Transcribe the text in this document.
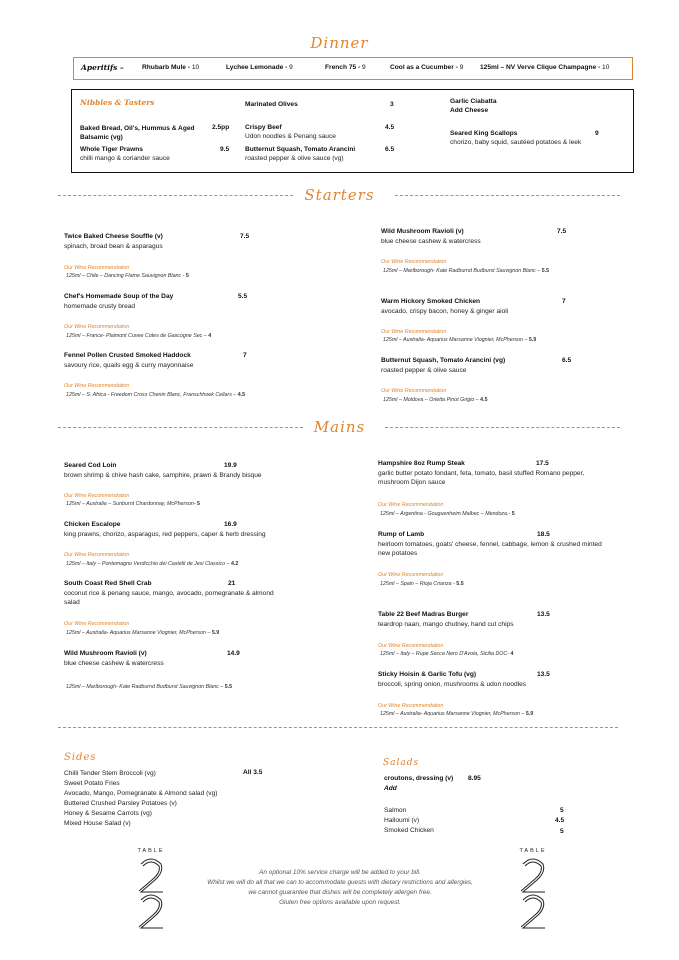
Dinner
Aperitifs –	Rhubarb Mule - 10	Lychee Lemonade - 9	French 75 - 9	Cool as a Cucumber - 9	125ml – NV Verve Clique Champagne - 10
Nibbles & Tasters
Baked Bread, Oil's, Hummus & Aged Balsamic (vg)
2.5pp
Whole Tiger Prawns
chilli mango & coriander sauce
9.5
Marinated Olives	3
Crispy Beef
Udon noodles & Penang sauce
4.5
Butternut Squash, Tomato Arancini
roasted pepper & olive sauce (vg)
6.5
Garlic Ciabatta
Add Cheese
Seared King Scallops
chorizo, baby squid, sautéed potatoes & leek
9
Starters
Twice Baked Cheese Souffle (v)	7.5
spinach, broad bean & asparagus
Our Wine Recommendation
125ml – Chile – Dancing Flame Sauvignon Blanc - 5
Chef's Homemade Soup of the Day	5.5
homemade crusty bread
Our Wine Recommendation
125ml – France- Plaimont Cuvee Cotes de Gascogne Sec – 4
Fennel Pollen Crusted Smoked Haddock	7
savoury rice, quails egg & curry mayonnaise
Our Wine Recommendation
125ml – S. Africa - Freedom Cross Chenin Blanc, Franschhoek Cellars – 4.5
Wild Mushroom Ravioli (v)	7.5
blue cheese cashew & watercress
Our Wine Recommendation
125ml – Marlborough- Kate Radburnd Budburst Sauvignon Blanc – 5.5
Warm Hickory Smoked Chicken	7
avocado, crispy bacon, honey & ginger aioli
Our Wine Recommendation
125ml – Australia- Aquarius Marsanne Viognier, McPherson – 5.9
Butternut Squash, Tomato Arancini (vg)	6.5
roasted pepper & olive sauce
Our Wine Recommendation
125ml – Moldova – Orietta Pinot Grigio – 4.5
Mains
Seared Cod Loin	19.9
brown shrimp & chive hash cake, samphire, prawn & Brandy bisque
Our Wine Recommendation
125ml – Australia – Sunburnt Chardonnay, McPherson- 5
Chicken Escalope	16.9
king prawns, chorizo, asparagus, red peppers, caper & herb dressing
Our Wine Recommendation
125ml – Italy – Pontemagno Verdicchio dei Castelli de Jesi Classico – 4.2
South Coast Red Shell Crab	21
coconut rice & penang sauce, mango, avocado, pomegranate & almond salad
Our Wine Recommendation
125ml – Australia- Aquarius Marsanne Viognier, McPherson – 5.9
Wild Mushroom Ravioli (v)	14.9
blue cheese cashew & watercress
125ml – Marlborough- Kate Radburnd Budburst Sauvignon Blanc – 5.5
Hampshire 8oz Rump Steak	17.5
garlic butter potato fondant, feta, tomato, basil stuffed Romano pepper, mushroom Dijon sauce
Our Wine Recommendation
125ml – Argentina - Gouguenheim Malbec – Mendoza,- 5
Rump of Lamb	18.5
heirloom tomatoes, goats' cheese, fennel, cabbage, lemon & crushed minted new potatoes
Our Wine Recommendation
125ml – Spain – Rioja Crianza - 5.5
Table 22 Beef Madras Burger	13.5
teardrop naan, mango chutney, hand cut chips
Our Wine Recommendation
125ml – Italy – Rupe Secca Nero D'Avola, Sicilia DOC- 4
Sticky Hoisin & Garlic Tofu (vg)	13.5
broccoli, spring onion, mushrooms & udon noodles
Our Wine Recommendation
125ml – Australia- Aquarius Marsanne Viognier, McPherson – 5.9
Sides
Chilli Tender Stem Broccoli (vg)	All 3.5
Sweet Potato Fries
Avocado, Mango, Pomegranate & Almond salad (vg)
Buttered Crushed Parsley Potatoes (v)
Honey & Sesame Carrots (vg)
Mixed House Salad (v)
Salads
croutons, dressing (v) 8.95
Add
Salmon	5
Halloumi (v)	4.5
Smoked Chicken	5
TABLE	TABLE
An optional 10% service charge will be added to your bill.
Whilst we will do all that we can to accommodate guests with dietary restrictions and allergies,
we cannot guarantee that dishes will be completely allergen free.
Gluten free options available upon request.
